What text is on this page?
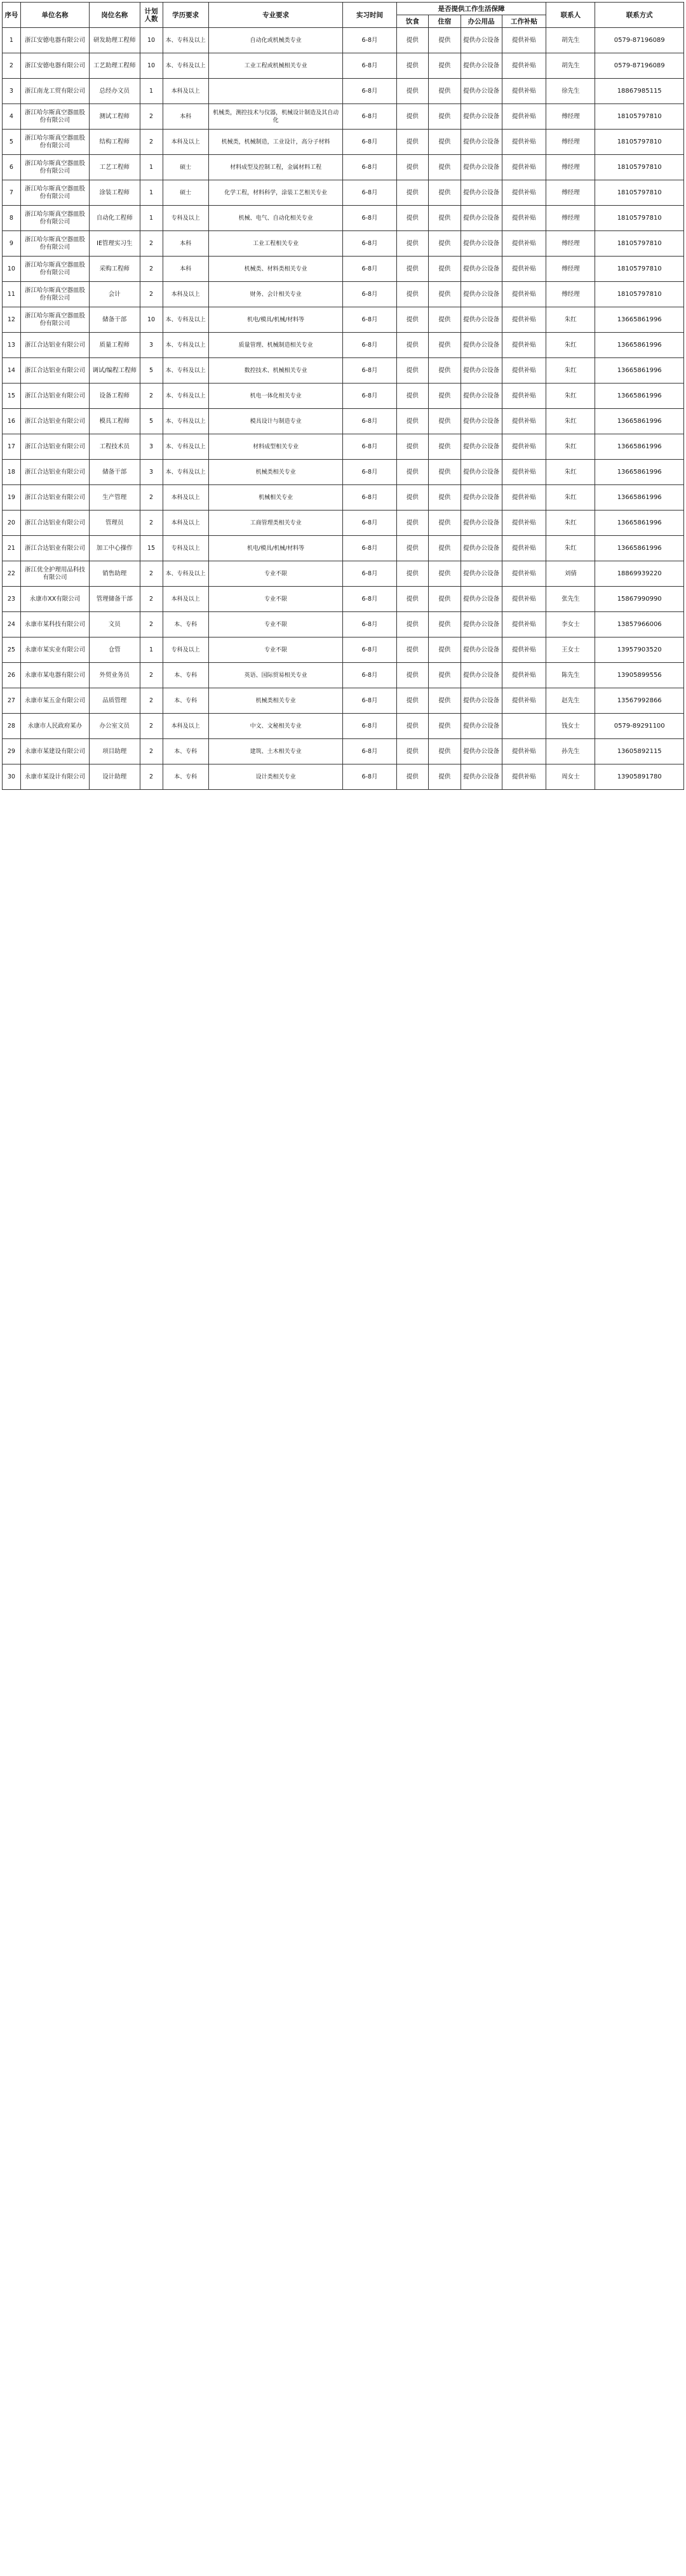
序号	单位名称	岗位名称	计划人数	学历要求	专业要求	实习时间	是否提供工作生活保障				联系人	联系方式
							饮食	住宿	办公用品	工作补贴		
1	浙江安德电器有限公司	研发助理工程师	10	本、专科及以上	自动化或机械类专业	6-8月	提供	提供	提供办公设备	提供补贴	胡先生	0579-87196089
2	浙江安德电器有限公司	工艺助理工程师	10	本、专科及以上	工业工程或机械相关专业	6-8月	提供	提供	提供办公设备	提供补贴	胡先生	0579-87196089
3	浙江南龙工贸有限公司	总经办文员	1	本科及以上		6-8月	提供	提供	提供办公设备	提供补贴	徐先生	18867985115
4	浙江哈尔斯真空器皿股份有限公司	测试工程师	2	本科	机械类，测控技术与仪器，机械设计制造及其自动化	6-8月	提供	提供	提供办公设备	提供补贴	傅经理	18105797810
5	浙江哈尔斯真空器皿股份有限公司	结构工程师	2	本科及以上	机械类，机械制造，工业设计，高分子材料	6-8月	提供	提供	提供办公设备	提供补贴	傅经理	18105797810
6	浙江哈尔斯真空器皿股份有限公司	工艺工程师	1	硕士	材料成型及控制工程，金属材料工程	6-8月	提供	提供	提供办公设备	提供补贴	傅经理	18105797810
7	浙江哈尔斯真空器皿股份有限公司	涂装工程师	1	硕士	化学工程，材料科学，涂装工艺相关专业	6-8月	提供	提供	提供办公设备	提供补贴	傅经理	18105797810
8	浙江哈尔斯真空器皿股份有限公司	自动化工程师	1	专科及以上	机械、电气、自动化相关专业	6-8月	提供	提供	提供办公设备	提供补贴	傅经理	18105797810
9	浙江哈尔斯真空器皿股份有限公司	IE管理实习生	2	本科	工业工程相关专业	6-8月	提供	提供	提供办公设备	提供补贴	傅经理	18105797810
10	浙江哈尔斯真空器皿股份有限公司	采购工程师	2	本科	机械类、材料类相关专业	6-8月	提供	提供	提供办公设备	提供补贴	傅经理	18105797810
11	浙江哈尔斯真空器皿股份有限公司	会计	2	本科及以上	财务、会计相关专业	6-8月	提供	提供	提供办公设备	提供补贴	傅经理	18105797810
12	浙江哈尔斯真空器皿股份有限公司	储备干部	10	本、专科及以上	机电/模具/机械/材料等	6-8月	提供	提供	提供办公设备	提供补贴	朱红	13665861996
13	浙江合达铝业有限公司	质量工程师	3	本、专科及以上	质量管理、机械制造相关专业	6-8月	提供	提供	提供办公设备	提供补贴	朱红	13665861996
14	浙江合达铝业有限公司	调试/编程工程师	5	本、专科及以上	数控技术、机械相关专业	6-8月	提供	提供	提供办公设备	提供补贴	朱红	13665861996
15	浙江合达铝业有限公司	设备工程师	2	本、专科及以上	机电一体化相关专业	6-8月	提供	提供	提供办公设备	提供补贴	朱红	13665861996
16	浙江合达铝业有限公司	模具工程师	5	本、专科及以上	模具设计与制造专业	6-8月	提供	提供	提供办公设备	提供补贴	朱红	13665861996
17	浙江合达铝业有限公司	工程技术员	3	本、专科及以上	材料成型相关专业	6-8月	提供	提供	提供办公设备	提供补贴	朱红	13665861996
18	浙江合达铝业有限公司	储备干部	3	本、专科及以上	机械类相关专业	6-8月	提供	提供	提供办公设备	提供补贴	朱红	13665861996
19	浙江合达铝业有限公司	生产管理	2	本科及以上	机械相关专业	6-8月	提供	提供	提供办公设备	提供补贴	朱红	13665861996
20	浙江合达铝业有限公司	管理员	2	本科及以上	工商管理类相关专业	6-8月	提供	提供	提供办公设备	提供补贴	朱红	13665861996
21	浙江合达铝业有限公司	加工中心操作	15	专科及以上	机电/模具/机械/材料等	6-8月	提供	提供	提供办公设备	提供补贴	朱红	13665861996
22	浙江优全护理用品科技有限公司	销售助理	2	本、专科及以上	专业不限	6-8月	提供	提供	提供办公设备	提供补贴	刘倩	18869939220
23	永康市XX有限公司	管理储备干部	2	本科及以上	专业不限	6-8月	提供	提供	提供办公设备	提供补贴	张先生	15867990990
24	永康市某科技有限公司	文员	2	本、专科	专业不限	6-8月	提供	提供	提供办公设备	提供补贴	李女士	13857966006
25	永康市某实业有限公司	仓管	1	专科及以上	专业不限	6-8月	提供	提供	提供办公设备	提供补贴	王女士	13957903520
26	永康市某电器有限公司	外贸业务员	2	本、专科	英语、国际贸易相关专业	6-8月	提供	提供	提供办公设备	提供补贴	陈先生	13905899556
27	永康市某五金有限公司	品质管理	2	本、专科	机械类相关专业	6-8月	提供	提供	提供办公设备	提供补贴	赵先生	13567992866
28	永康市人民政府某办	办公室文员	2	本科及以上	中文、文秘相关专业	6-8月	提供	提供	提供办公设备		钱女士	0579-89291100
29	永康市某建设有限公司	项目助理	2	本、专科	建筑、土木相关专业	6-8月	提供	提供	提供办公设备	提供补贴	孙先生	13605892115
30	永康市某设计有限公司	设计助理	2	本、专科	设计类相关专业	6-8月	提供	提供	提供办公设备	提供补贴	周女士	13905891780
